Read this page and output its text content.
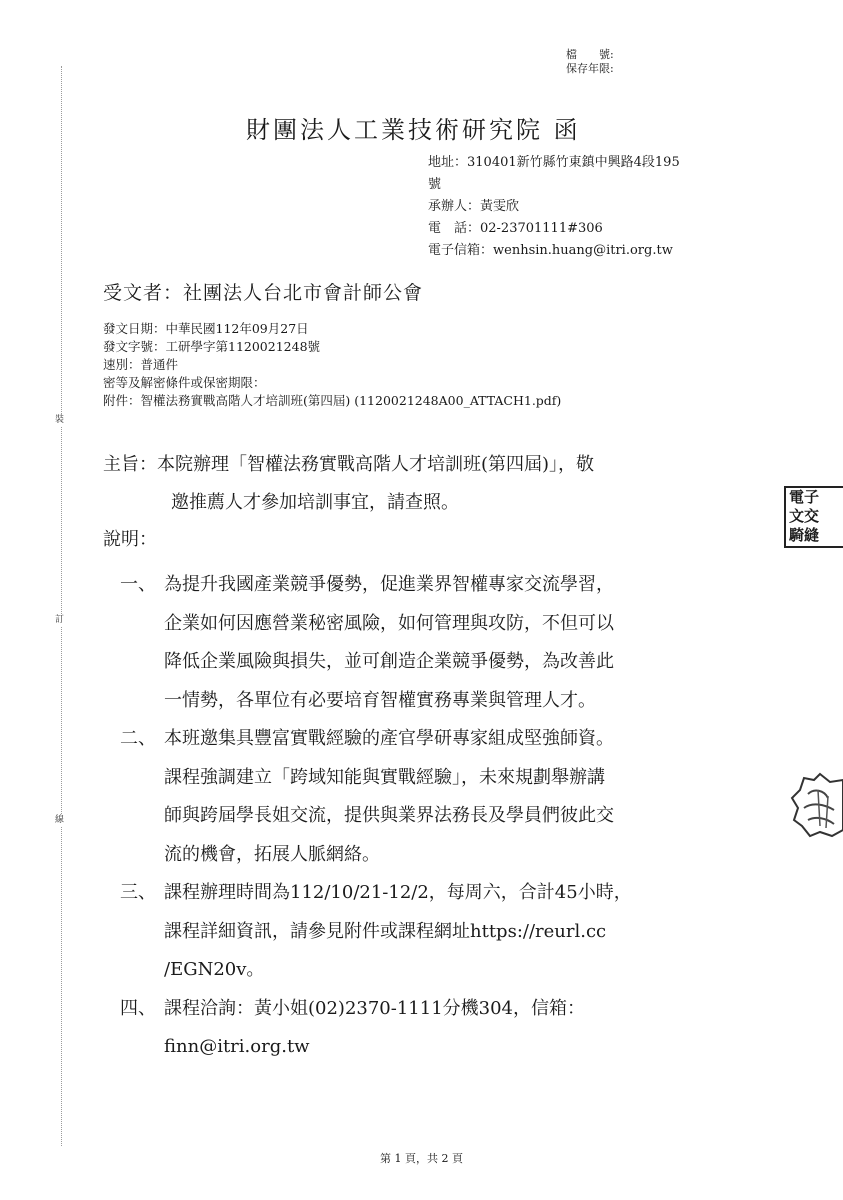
裝
訂
線
檔　　號:
保存年限:
財團法人工業技術研究院 函
地址：310401新竹縣竹東鎮中興路4段195
號
承辦人：黃雯欣
電　話：02-23701111#306
電子信箱：wenhsin.huang@itri.org.tw
受文者：社團法人台北市會計師公會
發文日期：中華民國112年09月27日
發文字號：工研學字第1120021248號
速別：普通件
密等及解密條件或保密期限：
附件：智權法務實戰高階人才培訓班(第四屆) (1120021248A00_ATTACH1.pdf)
主旨：本院辦理「智權法務實戰高階人才培訓班(第四屆)」，敬
邀推薦人才參加培訓事宜，請查照。
說明：
一、 為提升我國產業競爭優勢，促進業界智權專家交流學習，
企業如何因應營業秘密風險，如何管理與攻防，不但可以
降低企業風險與損失，並可創造企業競爭優勢，為改善此
一情勢，各單位有必要培育智權實務專業與管理人才。
二、 本班邀集具豐富實戰經驗的產官學研專家組成堅強師資。
課程強調建立「跨域知能與實戰經驗」，未來規劃舉辦講
師與跨屆學長姐交流，提供與業界法務長及學員們彼此交
流的機會，拓展人脈網絡。
三、 課程辦理時間為112/10/21-12/2，每周六，合計45小時，
課程詳細資訊，請參見附件或課程網址https://reurl.cc
/EGN20v。
四、 課程洽詢：黃小姐(02)2370-1111分機304，信箱：
finn@itri.org.tw
電子
文交
騎縫
第 1 頁，共 2 頁
